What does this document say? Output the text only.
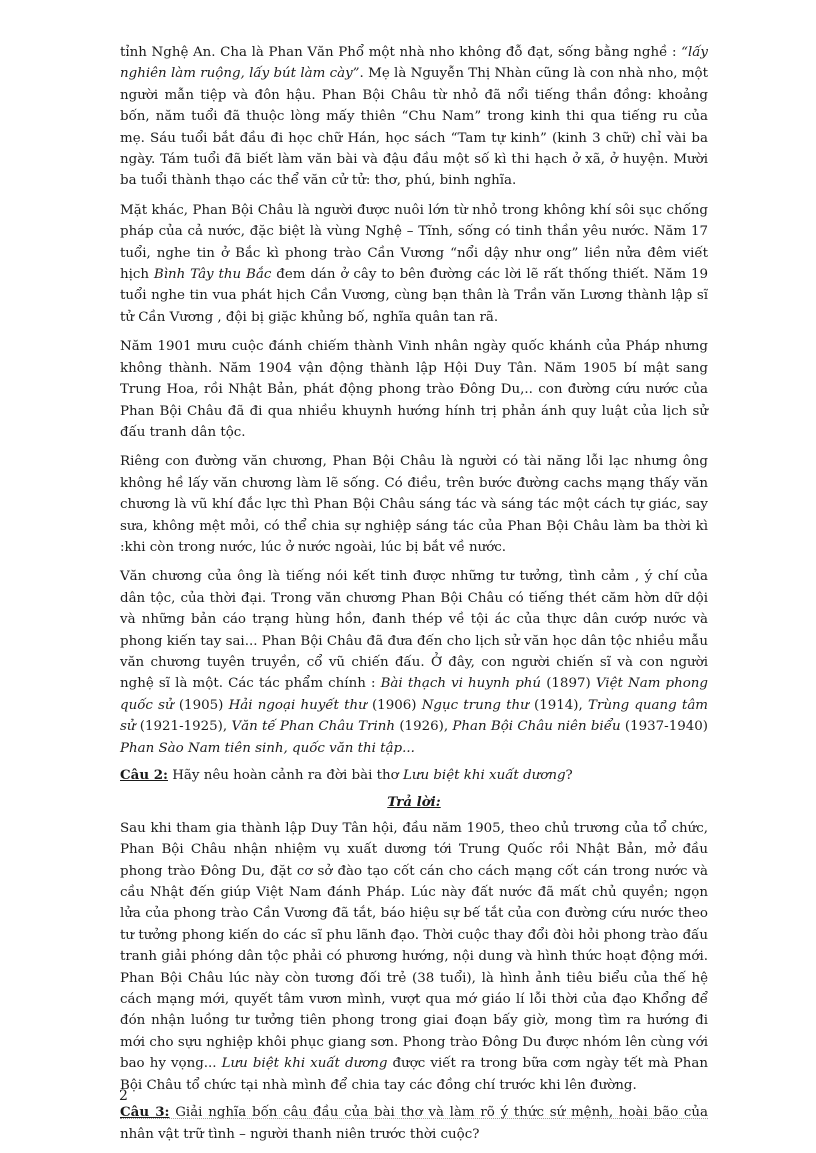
tỉnh Nghệ An. Cha là Phan Văn Phổ một nhà nho không đỗ đạt, sống bằng nghề : “lấy nghiên làm ruộng, lấy bút làm cày”. Mẹ là Nguyễn Thị Nhàn cũng là con nhà nho, một người mẫn tiệp và đôn hậu. Phan Bội Châu từ nhỏ đã nổi tiếng thần đồng: khoảng bốn, năm tuổi đã thuộc lòng mấy thiên “Chu Nam” trong kinh thi qua tiếng ru của mẹ. Sáu tuổi bắt đầu đi học chữ Hán, học sách “Tam tự kinh” (kinh 3 chữ) chỉ vài ba ngày. Tám tuổi đã biết làm văn bài và đậu đầu một số kì thi hạch ở xã, ở huyện. Mười ba tuổi thành thạo các thể văn cử tử: thơ, phú, binh nghĩa.

Mặt khác, Phan Bội Châu là người được nuôi lớn từ nhỏ trong không khí sôi sục chống pháp của cả nước, đặc biệt là vùng Nghệ – Tĩnh, sống có tinh thần yêu nước. Năm 17 tuổi, nghe tin ở Bắc kì phong trào Cần Vương “nổi dậy như ong” liền nửa đêm viết hịch Bình Tây thu Bắc đem dán ở cây to bên đường các lời lẽ rất thống thiết. Năm 19 tuổi nghe tin vua phát hịch Cần Vương, cùng bạn thân là Trần văn Lương thành lập sĩ tử Cần Vương , đội bị giặc khủng bố, nghĩa quân tan rã.

Năm 1901 mưu cuộc đánh chiếm thành Vinh nhân ngày quốc khánh của Pháp nhưng không thành. Năm 1904 vận động thành lập Hội Duy Tân. Năm 1905 bí mật sang Trung Hoa, rồi Nhật Bản, phát động phong trào Đông Du,.. con đường cứu nước của Phan Bội Châu đã đi qua nhiều khuynh hướng hính trị phản ánh quy luật của lịch sử đấu tranh dân tộc.

Riêng con đường văn chương, Phan Bội Châu là người có tài năng lỗi lạc nhưng ông không hề lấy văn chương làm lẽ sống. Có điều, trên bước đường cachs mạng thấy văn chương là vũ khí đắc lực thì Phan Bội Châu sáng tác và sáng tác một cách tự giác, say sưa, không mệt mỏi, có thể chia sự nghiệp sáng tác của Phan Bội Châu làm ba thời kì :khi còn trong nước, lúc ở nước ngoài, lúc bị bắt về nước.

Văn chương của ông là tiếng nói kết tinh được những tư tưởng, tình cảm , ý chí của dân tộc, của thời đại. Trong văn chương Phan Bội Châu có tiếng thét căm hờn dữ dội và những bản cáo trạng hùng hồn, đanh thép về tội ác của thực dân cướp nước và phong kiến tay sai... Phan Bội Châu đã đưa đến cho lịch sử văn học dân tộc nhiều mẫu văn chương tuyên truyền, cổ vũ chiến đấu. Ở đây, con người chiến sĩ và con người nghệ sĩ là một. Các tác phẩm chính : Bài thạch vi huynh phú (1897) Việt Nam phong quốc sử (1905) Hải ngoại huyết thư (1906) Ngục trung thư (1914), Trùng quang tâm sử (1921-1925), Văn tế Phan Châu Trinh (1926), Phan Bội Châu niên biểu (1937-1940) Phan Sào Nam tiên sinh, quốc văn thi tập...

Câu 2: Hãy nêu hoàn cảnh ra đời bài thơ Lưu biệt khi xuất dương?

Trả lời:

Sau khi tham gia thành lập Duy Tân hội, đầu năm 1905, theo chủ trương của tổ chức, Phan Bội Châu nhận nhiệm vụ xuất dương tới Trung Quốc rồi Nhật Bản, mở đầu phong trào Đông Du, đặt cơ sở đào tạo cốt cán cho cách mạng cốt cán trong nước và cầu Nhật đến giúp Việt Nam đánh Pháp. Lúc này đất nước đã mất chủ quyền; ngọn lửa của phong trào Cần Vương đã tắt, báo hiệu sự bế tắt của con đường cứu nước theo tư tưởng phong kiến do các sĩ phu lãnh đạo. Thời cuộc thay đổi đòi hỏi phong trào đấu tranh giải phóng dân tộc phải có phương hướng, nội dung và hình thức hoạt động mới. Phan Bội Châu lúc này còn tương đối trẻ (38 tuổi), là hình ảnh tiêu biểu của thế hệ cách mạng mới, quyết tâm vươn mình, vượt qua mớ giáo lí lỗi thời của đạo Khổng để đón nhận luồng tư tưởng tiên phong trong giai đoạn bấy giờ, mong tìm ra hướng đi mới cho sựu nghiệp khôi phục giang sơn. Phong trào Đông Du được nhóm lên cùng với bao hy vọng... Lưu biệt khi xuất dương được viết ra trong bữa cơm ngày tết mà Phan Bội Châu tổ chức tại nhà mình để chia tay các đồng chí trước khi lên đường.

Câu 3: Giải nghĩa bốn câu đầu của bài thơ và làm rõ ý thức sứ mệnh, hoài bão của nhân vật trữ tình – người thanh niên trước thời cuộc?

2
